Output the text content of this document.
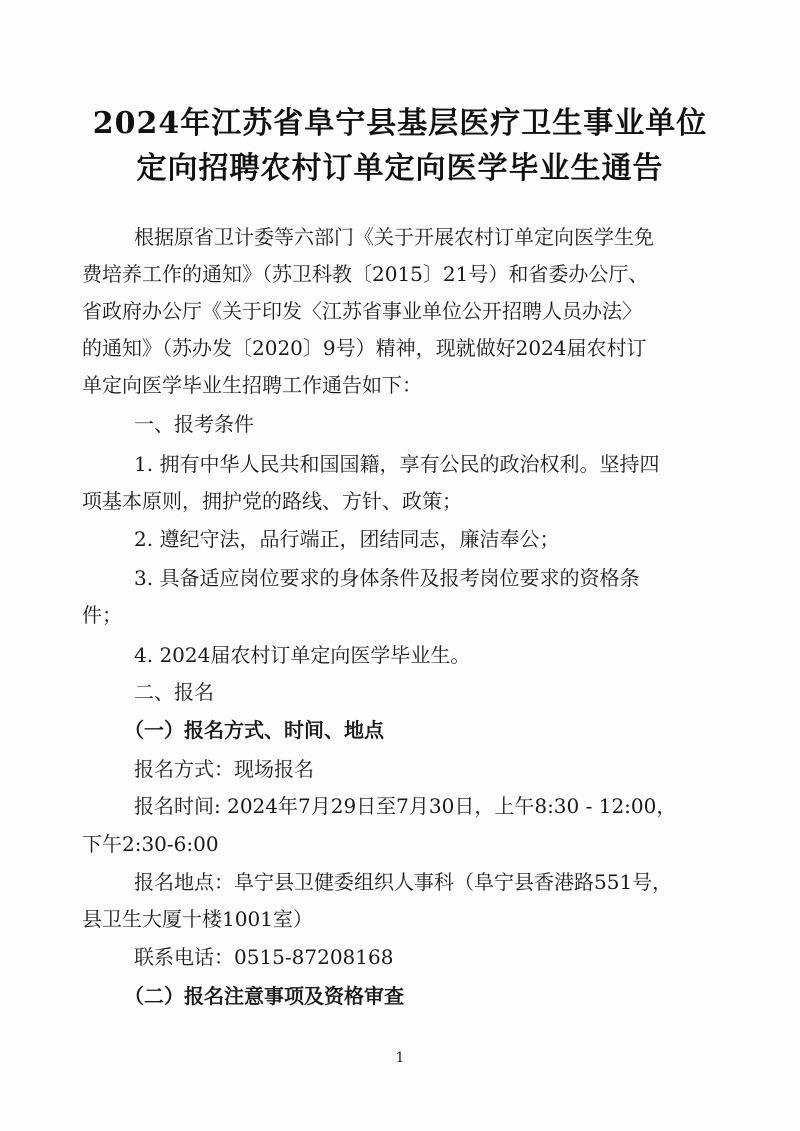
2024年江苏省阜宁县基层医疗卫生事业单位
定向招聘农村订单定向医学毕业生通告
根据原省卫计委等六部门《关于开展农村订单定向医学生免
费培养工作的通知》（苏卫科教〔2015〕21号）和省委办公厅、
省政府办公厅《关于印发〈江苏省事业单位公开招聘人员办法〉
的通知》（苏办发〔2020〕9号）精神，现就做好2024届农村订
单定向医学毕业生招聘工作通告如下：
一、报考条件
1. 拥有中华人民共和国国籍，享有公民的政治权利。坚持四
项基本原则，拥护党的路线、方针、政策；
2. 遵纪守法，品行端正，团结同志，廉洁奉公；
3. 具备适应岗位要求的身体条件及报考岗位要求的资格条
件；
4. 2024届农村订单定向医学毕业生。
二、报名
（一）报名方式、时间、地点
报名方式：现场报名
报名时间: 2024年7月29日至7月30日，上午8:30 - 12:00，
下午2:30-6:00
报名地点：阜宁县卫健委组织人事科（阜宁县香港路551号，
县卫生大厦十楼1001室）
联系电话：0515-87208168
（二）报名注意事项及资格审查
1
